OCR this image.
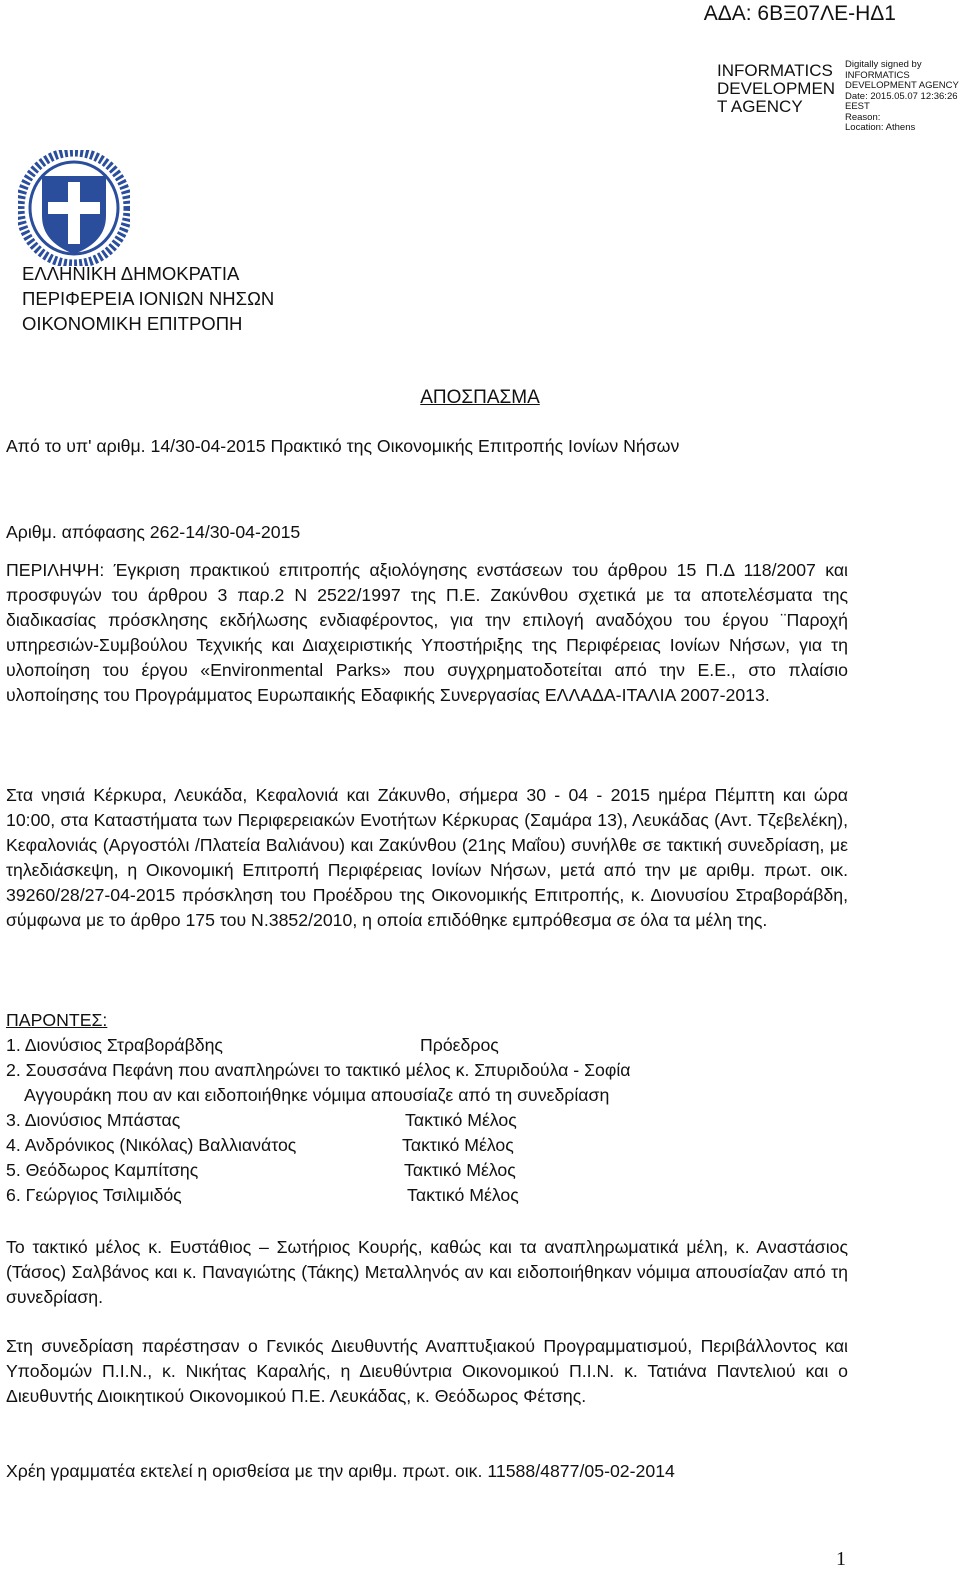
ΑΔΑ: 6ΒΞ07ΛΕ-ΗΔ1
INFORMATICS
DEVELOPMEN
T AGENCY
Digitally signed by
INFORMATICS
DEVELOPMENT AGENCY
Date: 2015.05.07 12:36:26
EEST
Reason:
Location: Athens
ΕΛΛΗΝΙΚΗ ΔΗΜΟΚΡΑΤΙΑ
ΠΕΡΙΦΕΡΕΙΑ ΙΟΝΙΩΝ ΝΗΣΩΝ
ΟΙΚΟΝΟΜΙΚΗ ΕΠΙΤΡΟΠΗ
ΑΠΟΣΠΑΣΜΑ
Από το υπ' αριθμ. 14/30-04-2015 Πρακτικό της Οικονομικής Επιτροπής Ιονίων Νήσων
Αριθμ. απόφασης 262-14/30-04-2015
ΠΕΡΙΛΗΨΗ: Έγκριση πρακτικού επιτροπής αξιολόγησης ενστάσεων του άρθρου 15 Π.Δ 118/2007 και προσφυγών του άρθρου 3 παρ.2 Ν 2522/1997 της Π.Ε. Ζακύνθου σχετικά με τα αποτελέσματα της διαδικασίας πρόσκλησης εκδήλωσης ενδιαφέροντος, για την επιλογή αναδόχου του έργου ¨Παροχή υπηρεσιών-Συμβούλου Τεχνικής και Διαχειριστικής Υποστήριξης της Περιφέρειας Ιονίων Νήσων, για τη υλοποίηση του έργου «Environmental Parks» που συγχρηματοδοτείται από την Ε.Ε., στο πλαίσιο υλοποίησης του Προγράμματος Ευρωπαικής Εδαφικής Συνεργασίας ΕΛΛΑΔΑ-ΙΤΑΛΙΑ 2007-2013.
Στα νησιά Κέρκυρα, Λευκάδα, Κεφαλονιά και Ζάκυνθο, σήμερα 30 - 04 - 2015 ημέρα Πέμπτη και ώρα 10:00, στα Καταστήματα των Περιφερειακών Ενοτήτων Κέρκυρας (Σαμάρα 13), Λευκάδας (Αντ. Τζεβελέκη), Κεφαλονιάς (Αργοστόλι /Πλατεία Βαλιάνου) και Ζακύνθου (21ης Μαΐου) συνήλθε σε τακτική συνεδρίαση, με τηλεδιάσκεψη, η Οικονομική Επιτροπή Περιφέρειας Ιονίων Νήσων, μετά από την με αριθμ. πρωτ. οικ. 39260/28/27-04-2015 πρόσκληση του Προέδρου της Οικονομικής Επιτροπής, κ. Διονυσίου Στραβοράβδη, σύμφωνα με το άρθρο 175 του Ν.3852/2010, η οποία επιδόθηκε εμπρόθεσμα σε όλα τα μέλη της.
ΠΑΡΟΝΤΕΣ:
1. Διονύσιος Στραβοράβδης	Πρόεδρος
2. Σουσσάνα Πεφάνη που αναπληρώνει το τακτικό μέλος κ. Σπυριδούλα - Σοφία
Αγγουράκη που αν και ειδοποιήθηκε νόμιμα απουσίαζε από τη συνεδρίαση
3. Διονύσιος Μπάστας	Τακτικό Μέλος
4. Ανδρόνικος (Νικόλας) Βαλλιανάτος	Τακτικό Μέλος
5. Θεόδωρος Καμπίτσης	Τακτικό Μέλος
6. Γεώργιος Τσιλιμιδός	Τακτικό Μέλος
Το τακτικό μέλος κ. Ευστάθιος – Σωτήριος Κουρής, καθώς και τα αναπληρωματικά μέλη, κ. Αναστάσιος (Τάσος) Σαλβάνος και κ. Παναγιώτης (Τάκης) Μεταλληνός αν και ειδοποιήθηκαν νόμιμα απουσίαζαν από τη συνεδρίαση.
Στη συνεδρίαση παρέστησαν ο Γενικός Διευθυντής Αναπτυξιακού Προγραμματισμού, Περιβάλλοντος και Υποδομών Π.Ι.Ν., κ. Νικήτας Καραλής, η Διευθύντρια Οικονομικού Π.Ι.Ν. κ. Τατιάνα Παντελιού και ο Διευθυντής Διοικητικού Οικονομικού Π.Ε. Λευκάδας, κ. Θεόδωρος Φέτσης.
Χρέη γραμματέα εκτελεί η ορισθείσα με την αριθμ. πρωτ. οικ. 11588/4877/05-02-2014
1
